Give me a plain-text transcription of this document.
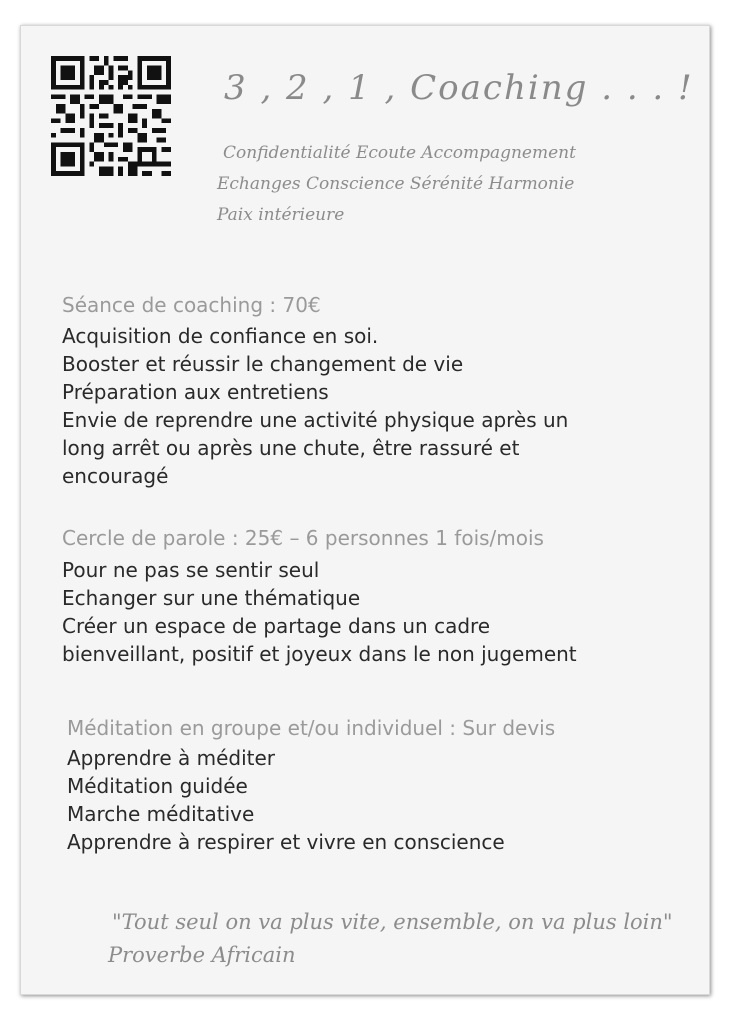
3 , 2 , 1 , Coaching . . . !
Confidentialité Ecoute Accompagnement
Echanges Conscience Sérénité Harmonie
Paix intérieure
Séance de coaching : 70€
Acquisition de confiance en soi.
Booster et réussir le changement de vie
Préparation aux entretiens
Envie de reprendre une activité physique après un
long arrêt ou après une chute, être rassuré et
encouragé
Cercle de parole : 25€ – 6 personnes 1 fois/mois
Pour ne pas se sentir seul
Echanger sur une thématique
Créer un espace de partage dans un cadre
bienveillant, positif et joyeux dans le non jugement
Méditation en groupe et/ou individuel : Sur devis
Apprendre à méditer
Méditation guidée
Marche méditative
Apprendre à respirer et vivre en conscience
"Tout seul on va plus vite, ensemble, on va plus loin"
Proverbe Africain
